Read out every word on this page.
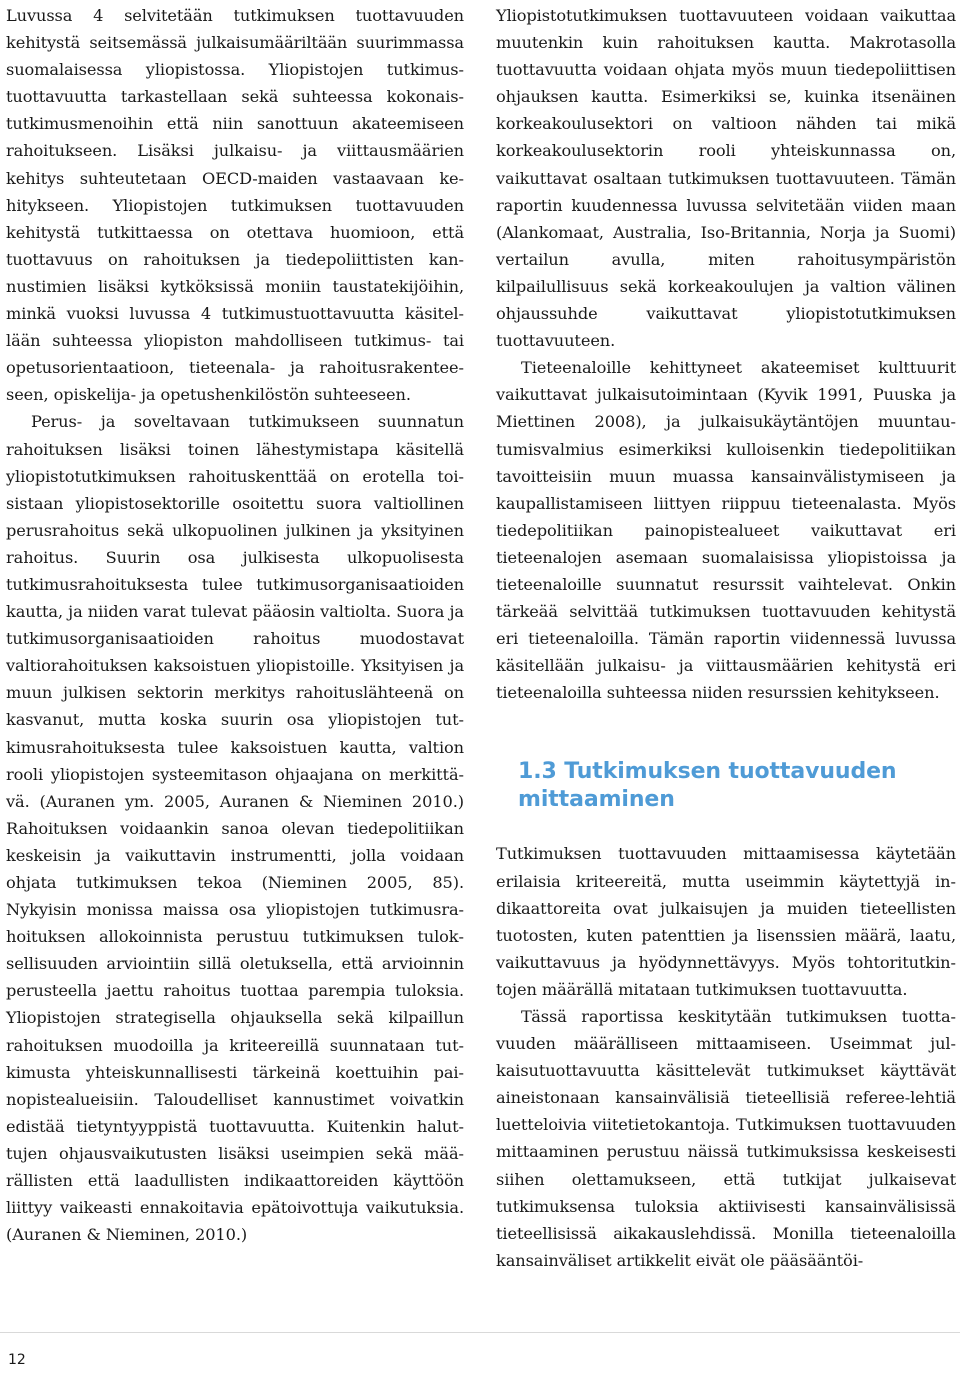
Luvussa 4 selvitetään tutkimuksen tuottavuuden kehitystä seitsemässä julkaisumääriltään suurimmassa suomalaisessa yliopistossa. Yliopistojen tutkimustuottavuutta tarkastellaan sekä suhteessa kokonaistutkimusmenoihin että niin sanottuun akateemiseen rahoitukseen. Lisäksi julkaisu- ja viittausmäärien kehitys suhteutetaan OECD-maiden vastaavaan kehitykseen. Yliopistojen tutkimuksen tuottavuuden kehitystä tutkittaessa on otettava huomioon, että tuottavuus on rahoituksen ja tiedepoliittisten kannustimien lisäksi kytköksissä moniin taustatekijöihin, minkä vuoksi luvussa 4 tutkimustuottavuutta käsitellään suhteessa yliopiston mahdolliseen tutkimus- tai opetusorientaatioon, tieteenala- ja rahoitusrakenteeseen, opiskelija- ja opetushenkilöstön suhteeseen.

Perus- ja soveltavaan tutkimukseen suunnatun rahoituksen lisäksi toinen lähestymistapa käsitellä yliopistotutkimuksen rahoituskenttää on erotella toisistaan yliopistosektorille osoitettu suora valtiollinen perusrahoitus sekä ulkopuolinen julkinen ja yksityinen rahoitus. Suurin osa julkisesta ulkopuolisesta tutkimusrahoituksesta tulee tutkimusorganisaatioiden kautta, ja niiden varat tulevat pääosin valtiolta. Suora ja tutkimusorganisaatioiden rahoitus muodostavat valtiorahoituksen kaksoistuen yliopistoille. Yksityisen ja muun julkisen sektorin merkitys rahoituslähteenä on kasvanut, mutta koska suurin osa yliopistojen tutkimusrahoituksesta tulee kaksoistuen kautta, valtion rooli yliopistojen systeemitason ohjaajana on merkittävä. (Auranen ym. 2005, Auranen & Nieminen 2010.) Rahoituksen voidaankin sanoa olevan tiedepolitiikan keskeisin ja vaikuttavin instrumentti, jolla voidaan ohjata tutkimuksen tekoa (Nieminen 2005, 85). Nykyisin monissa maissa osa yliopistojen tutkimusrahoituksen allokoinnista perustuu tutkimuksen tuloksellisuuden arviointiin sillä oletuksella, että arvioinnin perusteella jaettu rahoitus tuottaa parempia tuloksia. Yliopistojen strategisella ohjauksella sekä kilpaillun rahoituksen muodoilla ja kriteereillä suunnataan tutkimusta yhteiskunnallisesti tärkeinä koettuihin painopistealueisiin. Taloudelliset kannustimet voivatkin edistää tietyntyyppistä tuottavuutta. Kuitenkin haluttujen ohjausvaikutusten lisäksi useimpien sekä määrällisten että laadullisten indikaattoreiden käyttöön liittyy vaikeasti ennakoitavia epätoivottuja vaikutuksia. (Auranen & Nieminen, 2010.)

Yliopistotutkimuksen tuottavuuteen voidaan vaikuttaa muutenkin kuin rahoituksen kautta. Makrotasolla tuottavuutta voidaan ohjata myös muun tiedepoliittisen ohjauksen kautta. Esimerkiksi se, kuinka itsenäinen korkeakoulusektori on valtioon nähden tai mikä korkeakoulusektorin rooli yhteiskunnassa on, vaikuttavat osaltaan tutkimuksen tuottavuuteen. Tämän raportin kuudennessa luvussa selvitetään viiden maan (Alankomaat, Australia, Iso-Britannia, Norja ja Suomi) vertailun avulla, miten rahoitusympäristön kilpailullisuus sekä korkeakoulujen ja valtion välinen ohjaussuhde vaikuttavat yliopistotutkimuksen tuottavuuteen.

Tieteenaloille kehittyneet akateemiset kulttuurit vaikuttavat julkaisutoimintaan (Kyvik 1991, Puuska ja Miettinen 2008), ja julkaisukäytäntöjen muuntautumisvalmius esimerkiksi kulloisenkin tiedepolitiikan tavoitteisiin muun muassa kansainvälistymiseen ja kaupallistamiseen liittyen riippuu tieteenalasta. Myös tiedepolitiikan painopistealueet vaikuttavat eri tieteenalojen asemaan suomalaisissa yliopistoissa ja tieteenaloille suunnatut resurssit vaihtelevat. Onkin tärkeää selvittää tutkimuksen tuottavuuden kehitystä eri tieteenaloilla. Tämän raportin viidennessä luvussa käsitellään julkaisu- ja viittausmäärien kehitystä eri tieteenaloilla suhteessa niiden resurssien kehitykseen.

1.3 Tutkimuksen tuottavuuden mittaaminen

Tutkimuksen tuottavuuden mittaamisessa käytetään erilaisia kriteereitä, mutta useimmin käytettyjä indikaattoreita ovat julkaisujen ja muiden tieteellisten tuotosten, kuten patenttien ja lisenssien määrä, laatu, vaikuttavuus ja hyödynnettävyys. Myös tohtoritutkintojen määrällä mitataan tutkimuksen tuottavuutta.

Tässä raportissa keskitytään tutkimuksen tuottavuuden määrälliseen mittaamiseen. Useimmat julkaisutuottavuutta käsittelevät tutkimukset käyttävät aineistonaan kansainvälisiä tieteellisiä referee-lehtiä luetteloivia viitetietokantoja. Tutkimuksen tuottavuuden mittaaminen perustuu näissä tutkimuksissa keskeisesti siihen olettamukseen, että tutkijat julkaisevat tutkimuksensa tuloksia aktiivisesti kansainvälisissä tieteellisissä aikakauslehdissä. Monilla tieteenaloilla kansainväliset artikkelit eivät ole pääsääntöi-

12
